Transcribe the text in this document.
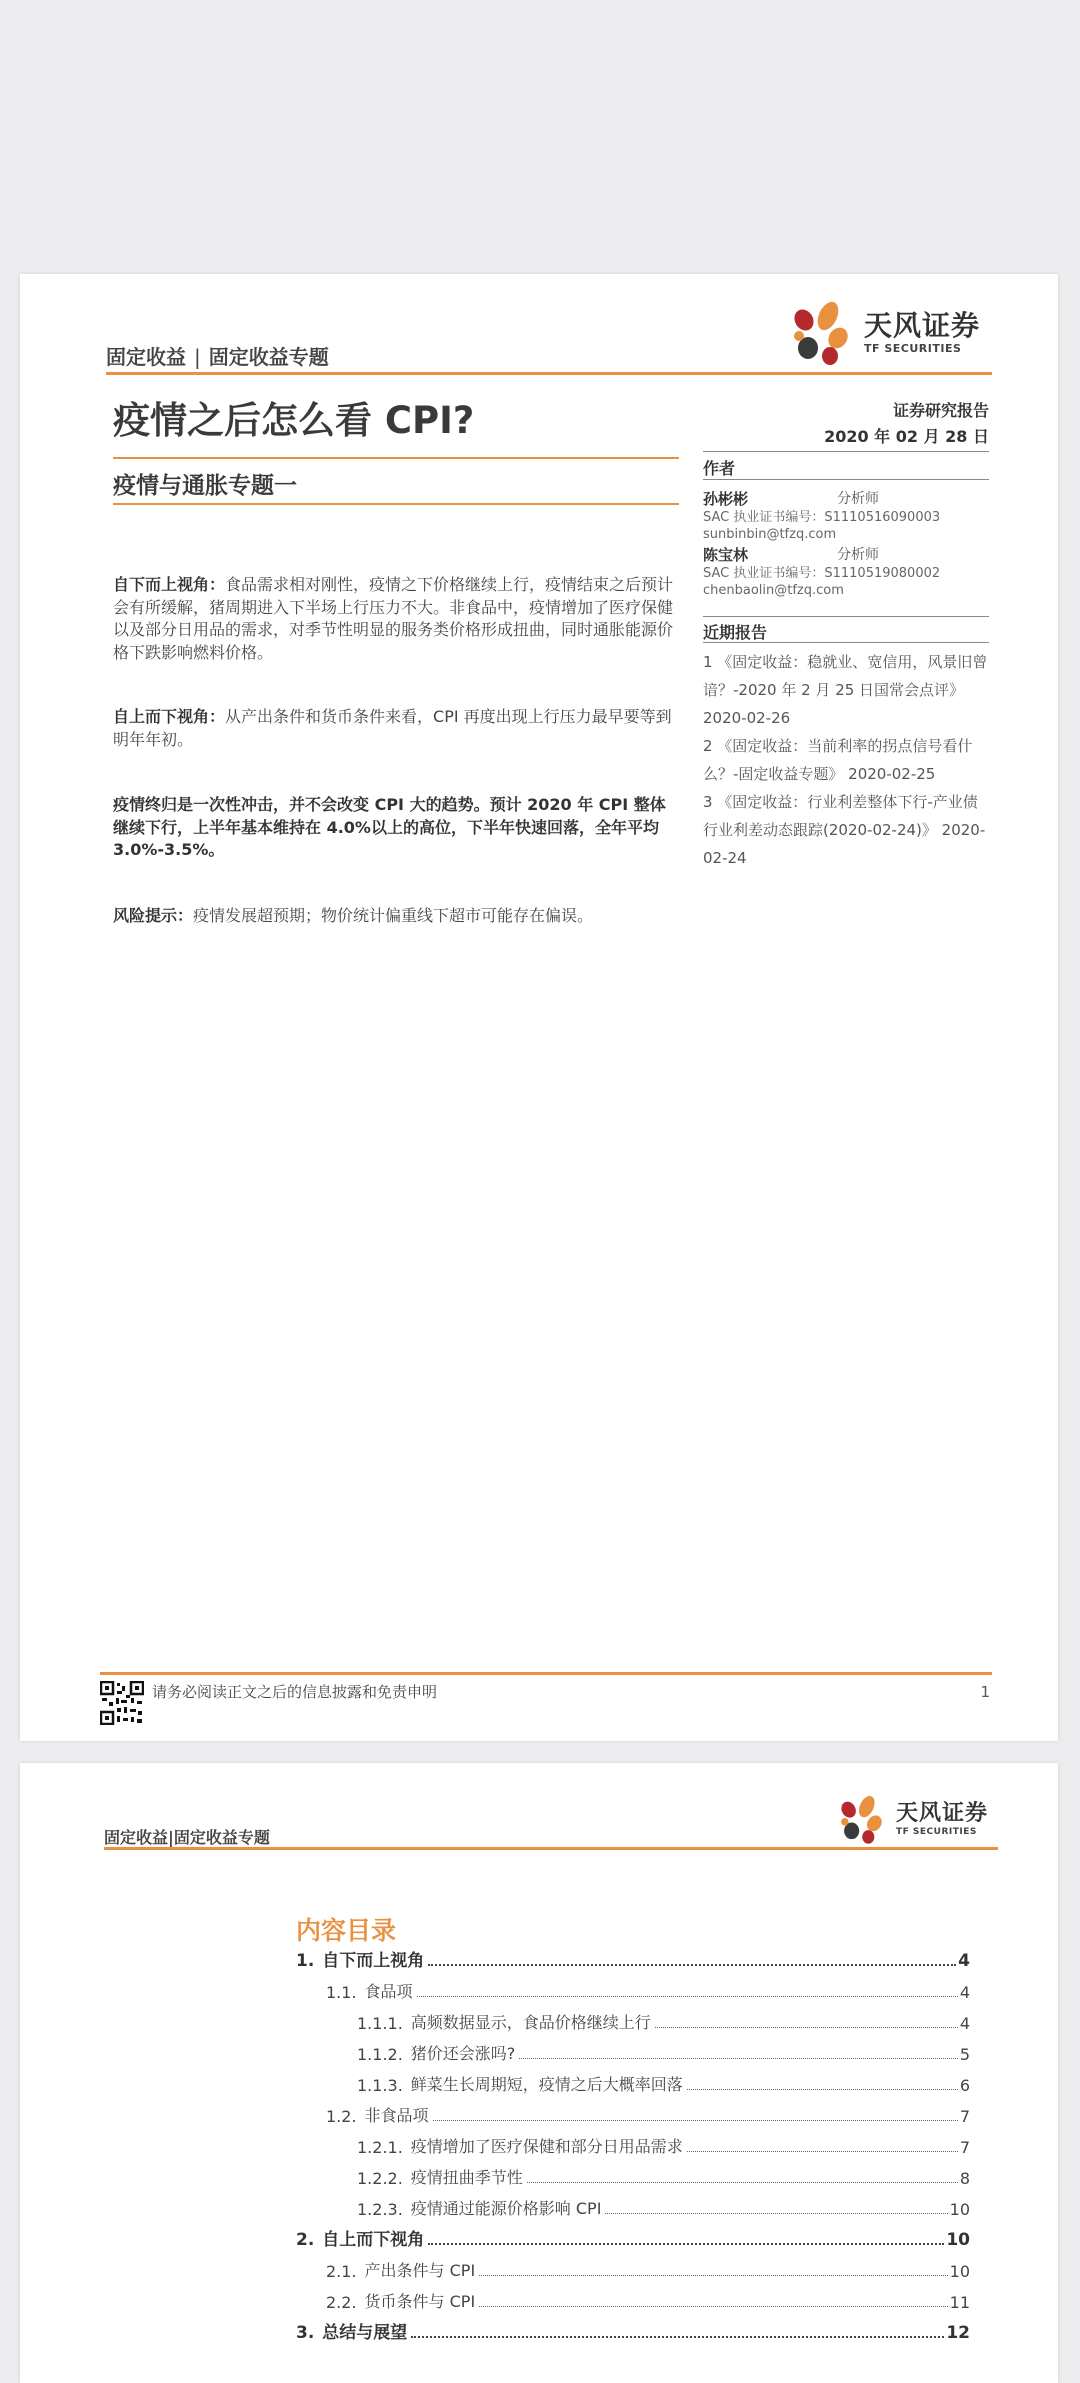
固定收益 | 固定收益专题
天风证券
TF SECURITIES
疫情之后怎么看 CPI?
疫情与通胀专题一
自下而上视角：食品需求相对刚性，疫情之下价格继续上行，疫情结束之后预计会有所缓解，猪周期进入下半场上行压力不大。非食品中，疫情增加了医疗保健以及部分日用品的需求，对季节性明显的服务类价格形成扭曲，同时通胀能源价格下跌影响燃料价格。
自上而下视角：从产出条件和货币条件来看，CPI 再度出现上行压力最早要等到明年年初。
疫情终归是一次性冲击，并不会改变 CPI 大的趋势。预计 2020 年 CPI 整体继续下行，上半年基本维持在 4.0%以上的高位，下半年快速回落，全年平均 3.0%-3.5%。
风险提示：疫情发展超预期；物价统计偏重线下超市可能存在偏误。
证券研究报告
2020 年 02 月 28 日
作者
孙彬彬	分析师
SAC 执业证书编号：S1110516090003
sunbinbin@tfzq.com
陈宝林	分析师
SAC 执业证书编号：S1110519080002
chenbaolin@tfzq.com
近期报告
1 《固定收益：稳就业、宽信用，风景旧曾谙？-2020 年 2 月 25 日国常会点评》 2020-02-26
2 《固定收益：当前利率的拐点信号看什么？-固定收益专题》 2020-02-25
3 《固定收益：行业利差整体下行-产业债行业利差动态跟踪(2020-02-24)》 2020-02-24
请务必阅读正文之后的信息披露和免责申明	1
固定收益|固定收益专题
天风证券
TF SECURITIES
内容目录
1. 自下而上视角	4
1.1. 食品项	4
1.1.1. 高频数据显示，食品价格继续上行	4
1.1.2. 猪价还会涨吗?	5
1.1.3. 鲜菜生长周期短，疫情之后大概率回落	6
1.2. 非食品项	7
1.2.1. 疫情增加了医疗保健和部分日用品需求	7
1.2.2. 疫情扭曲季节性	8
1.2.3. 疫情通过能源价格影响 CPI	10
2. 自上而下视角	10
2.1. 产出条件与 CPI	10
2.2. 货币条件与 CPI	11
3. 总结与展望	12
